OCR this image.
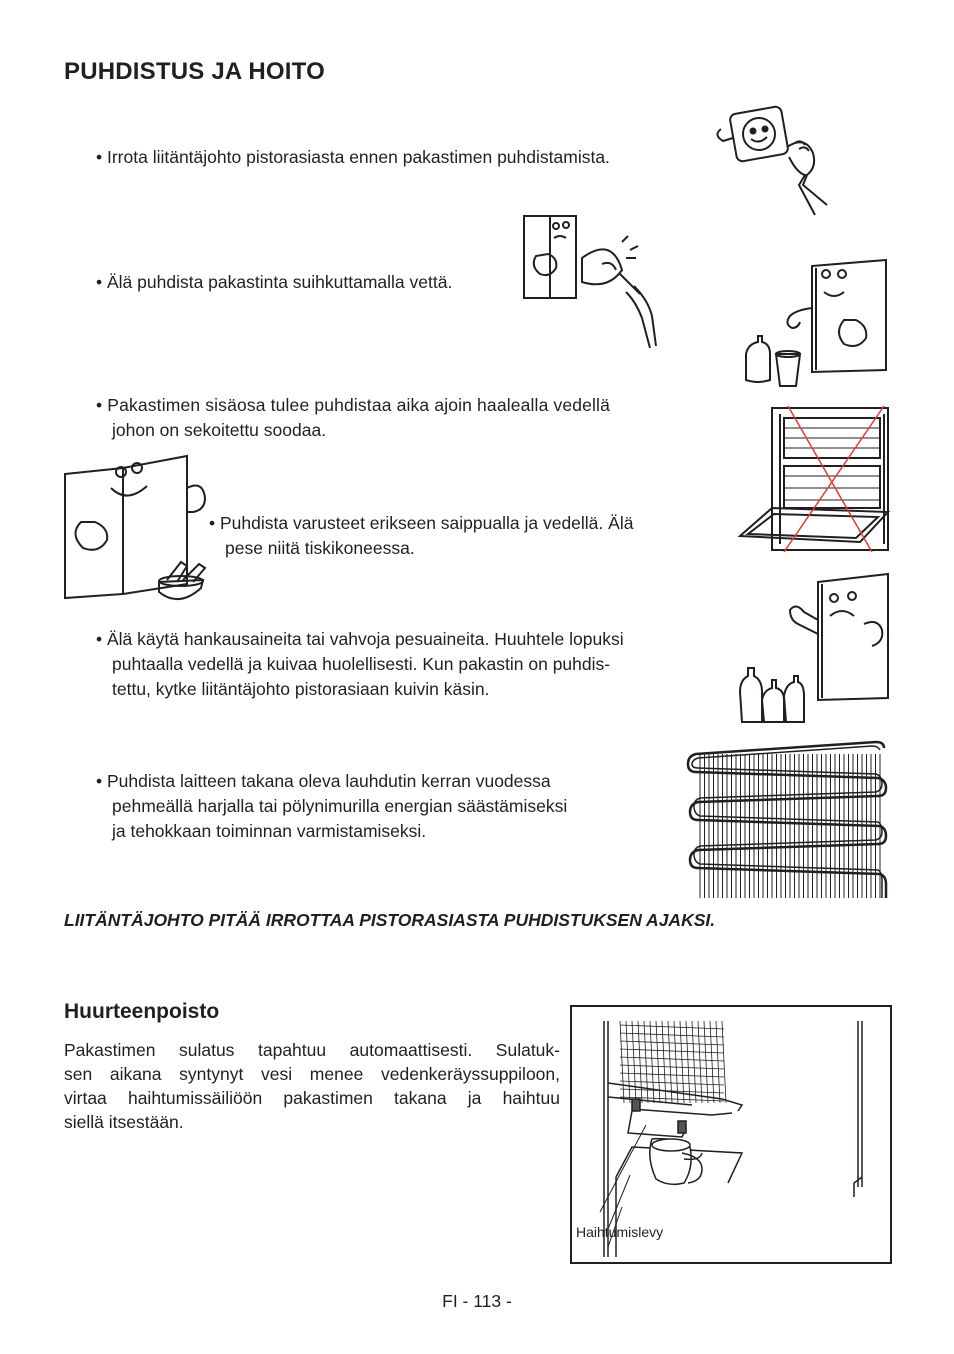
PUHDISTUS JA HOITO
• Irrota liitäntäjohto pistorasiasta ennen pakastimen puhdistamista.
• Älä puhdista pakastinta suihkuttamalla vettä.
• Pakastimen sisäosa tulee puhdistaa aika ajoin haalealla vedellä
johon on sekoitettu soodaa.
• Puhdista varusteet erikseen saippualla ja vedellä. Älä
pese niitä tiskikoneessa.
• Älä käytä hankausaineita tai vahvoja pesuaineita. Huuhtele lopuksi
puhtaalla vedellä ja kuivaa huolellisesti. Kun pakastin on puhdis-
tettu, kytke liitäntäjohto pistorasiaan kuivin käsin.
• Puhdista laitteen takana oleva lauhdutin kerran vuodessa
pehmeällä harjalla tai pölynimurilla energian säästämiseksi
ja tehokkaan toiminnan varmistamiseksi.

LIITÄNTÄJOHTO PITÄÄ IRROTTAA PISTORASIASTA PUHDISTUKSEN AJAKSI.

Huurteenpoisto

Pakastimen sulatus tapahtuu automaattisesti. Sulatuk-
sen aikana syntynyt vesi menee vedenkeräyssuppiloon,
virtaa haihtumissäiliöön pakastimen takana ja haihtuu
siellä itsestään.

Haihtumislevy
FI - 113 -
